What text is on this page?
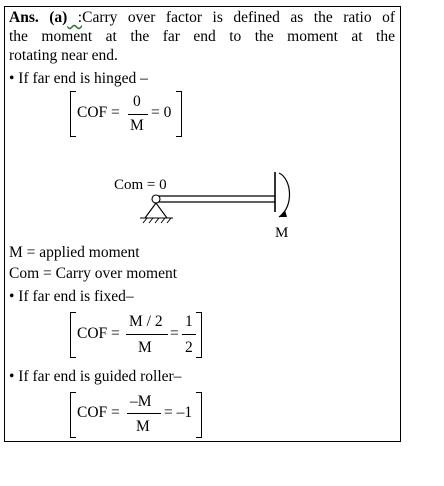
Ans. (a) :Carry over factor is defined as the ratio of
the moment at the far end to the moment at the
rotating near end.
• If far end is hinged –
COF =
0
M
= 0
Com = 0
M
M = applied moment
Com = Carry over moment
• If far end is fixed–
COF =
M / 2
M
=
1
2
• If far end is guided roller–
COF =
–M
M
= –1
